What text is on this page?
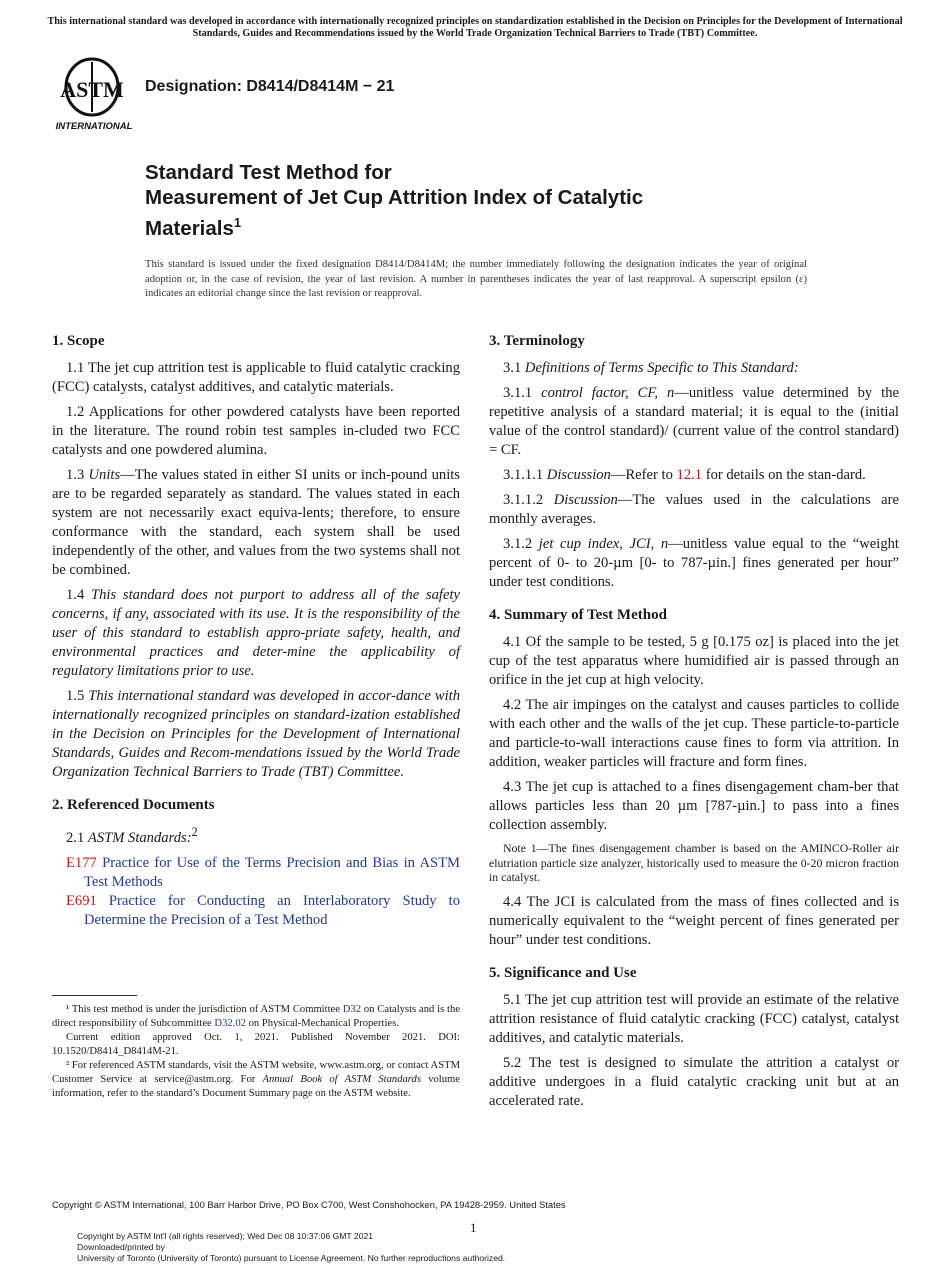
This international standard was developed in accordance with internationally recognized principles on standardization established in the Decision on Principles for the Development of International Standards, Guides and Recommendations issued by the World Trade Organization Technical Barriers to Trade (TBT) Committee.
ASTM
INTERNATIONAL
Designation: D8414/D8414M − 21
Standard Test Method for
Measurement of Jet Cup Attrition Index of Catalytic
Materials$^1$
This standard is issued under the fixed designation D8414/D8414M; the number immediately following the designation indicates the year of original adoption or, in the case of revision, the year of last revision. A number in parentheses indicates the year of last reapproval. A superscript epsilon (ε) indicates an editorial change since the last revision or reapproval.
1. Scope

1.1 The jet cup attrition test is applicable to fluid catalytic cracking (FCC) catalysts, catalyst additives, and catalytic materials.

1.2 Applications for other powdered catalysts have been reported in the literature. The round robin test samples in-cluded two FCC catalysts and one powdered alumina.

1.3 Units—The values stated in either SI units or inch-pound units are to be regarded separately as standard. The values stated in each system are not necessarily exact equiva-lents; therefore, to ensure conformance with the standard, each system shall be used independently of the other, and values from the two systems shall not be combined.

1.4 This standard does not purport to address all of the safety concerns, if any, associated with its use. It is the responsibility of the user of this standard to establish appro-priate safety, health, and environmental practices and deter-mine the applicability of regulatory limitations prior to use.

1.5 This international standard was developed in accor-dance with internationally recognized principles on standard-ization established in the Decision on Principles for the Development of International Standards, Guides and Recom-mendations issued by the World Trade Organization Technical Barriers to Trade (TBT) Committee.

2. Referenced Documents

2.1 ASTM Standards:$^2$

E177 Practice for Use of the Terms Precision and Bias in ASTM Test Methods

E691 Practice for Conducting an Interlaboratory Study to Determine the Precision of a Test Method

¹ This test method is under the jurisdiction of ASTM Committee D32 on Catalysts and is the direct responsibility of Subcommittee D32.02 on Physical-Mechanical Properties.

Current edition approved Oct. 1, 2021. Published November 2021. DOI: 10.1520/D8414_D8414M-21.

² For referenced ASTM standards, visit the ASTM website, www.astm.org, or contact ASTM Customer Service at service@astm.org. For Annual Book of ASTM Standards volume information, refer to the standard’s Document Summary page on the ASTM website.

3. Terminology

3.1 Definitions of Terms Specific to This Standard:

3.1.1 control factor, CF, n—unitless value determined by the repetitive analysis of a standard material; it is equal to the (initial value of the control standard)/ (current value of the control standard) = CF.

3.1.1.1 Discussion—Refer to 12.1 for details on the stan-dard.

3.1.1.2 Discussion—The values used in the calculations are monthly averages.

3.1.2 jet cup index, JCI, n—unitless value equal to the “weight percent of 0- to 20-µm [0- to 787-µin.] fines generated per hour” under test conditions.

4. Summary of Test Method

4.1 Of the sample to be tested, 5 g [0.175 oz] is placed into the jet cup of the test apparatus where humidified air is passed through an orifice in the jet cup at high velocity.

4.2 The air impinges on the catalyst and causes particles to collide with each other and the walls of the jet cup. These particle-to-particle and particle-to-wall interactions cause fines to form via attrition. In addition, weaker particles will fracture and form fines.

4.3 The jet cup is attached to a fines disengagement cham-ber that allows particles less than 20 µm [787-µin.] to pass into a fines collection assembly.

Note 1—The fines disengagement chamber is based on the AMINCO-Roller air elutriation particle size analyzer, historically used to measure the 0-20 micron fraction in catalyst.

4.4 The JCI is calculated from the mass of fines collected and is numerically equivalent to the “weight percent of fines generated per hour” under test conditions.

5. Significance and Use

5.1 The jet cup attrition test will provide an estimate of the relative attrition resistance of fluid catalytic cracking (FCC) catalyst, catalyst additives, and catalytic materials.

5.2 The test is designed to simulate the attrition a catalyst or additive undergoes in a fluid catalytic cracking unit but at an accelerated rate.

Copyright © ASTM International, 100 Barr Harbor Drive, PO Box C700, West Conshohocken, PA 19428-2959. United States
1
Copyright by ASTM Int'l (all rights reserved); Wed Dec 08 10:37:06 GMT 2021
Downloaded/printed by
University of Toronto (University of Toronto) pursuant to License Agreement. No further reproductions authorized.
